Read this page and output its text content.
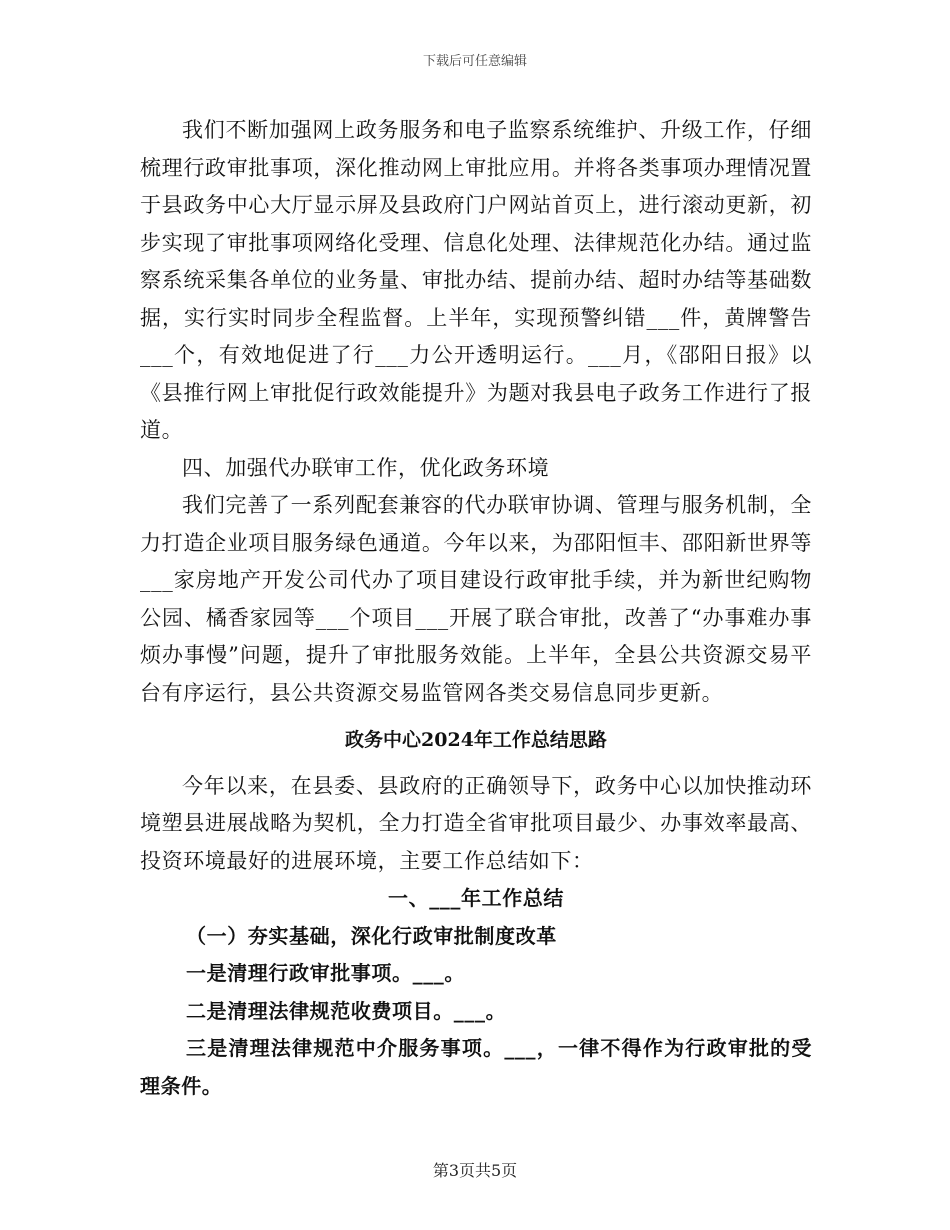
下载后可任意编辑

我们不断加强网上政务服务和电子监察系统维护、升级工作，仔细梳理行政审批事项，深化推动网上审批应用。并将各类事项办理情况置于县政务中心大厅显示屏及县政府门户网站首页上，进行滚动更新，初步实现了审批事项网络化受理、信息化处理、法律规范化办结。通过监察系统采集各单位的业务量、审批办结、提前办结、超时办结等基础数据，实行实时同步全程监督。上半年，实现预警纠错___件，黄牌警告___个，有效地促进了行___力公开透明运行。___月，《邵阳日报》以《县推行网上审批促行政效能提升》为题对我县电子政务工作进行了报道。

四、加强代办联审工作，优化政务环境

我们完善了一系列配套兼容的代办联审协调、管理与服务机制，全力打造企业项目服务绿色通道。今年以来，为邵阳恒丰、邵阳新世界等___家房地产开发公司代办了项目建设行政审批手续，并为新世纪购物公园、橘香家园等___个项目___开展了联合审批，改善了“办事难办事烦办事慢”问题，提升了审批服务效能。上半年，全县公共资源交易平台有序运行，县公共资源交易监管网各类交易信息同步更新。

政务中心2024年工作总结思路

今年以来，在县委、县政府的正确领导下，政务中心以加快推动环境塑县进展战略为契机，全力打造全省审批项目最少、办事效率最高、投资环境最好的进展环境，主要工作总结如下：

一、___年工作总结

（一）夯实基础，深化行政审批制度改革

一是清理行政审批事项。___。

二是清理法律规范收费项目。___。

三是清理法律规范中介服务事项。___，一律不得作为行政审批的受理条件。

第3页共5页
